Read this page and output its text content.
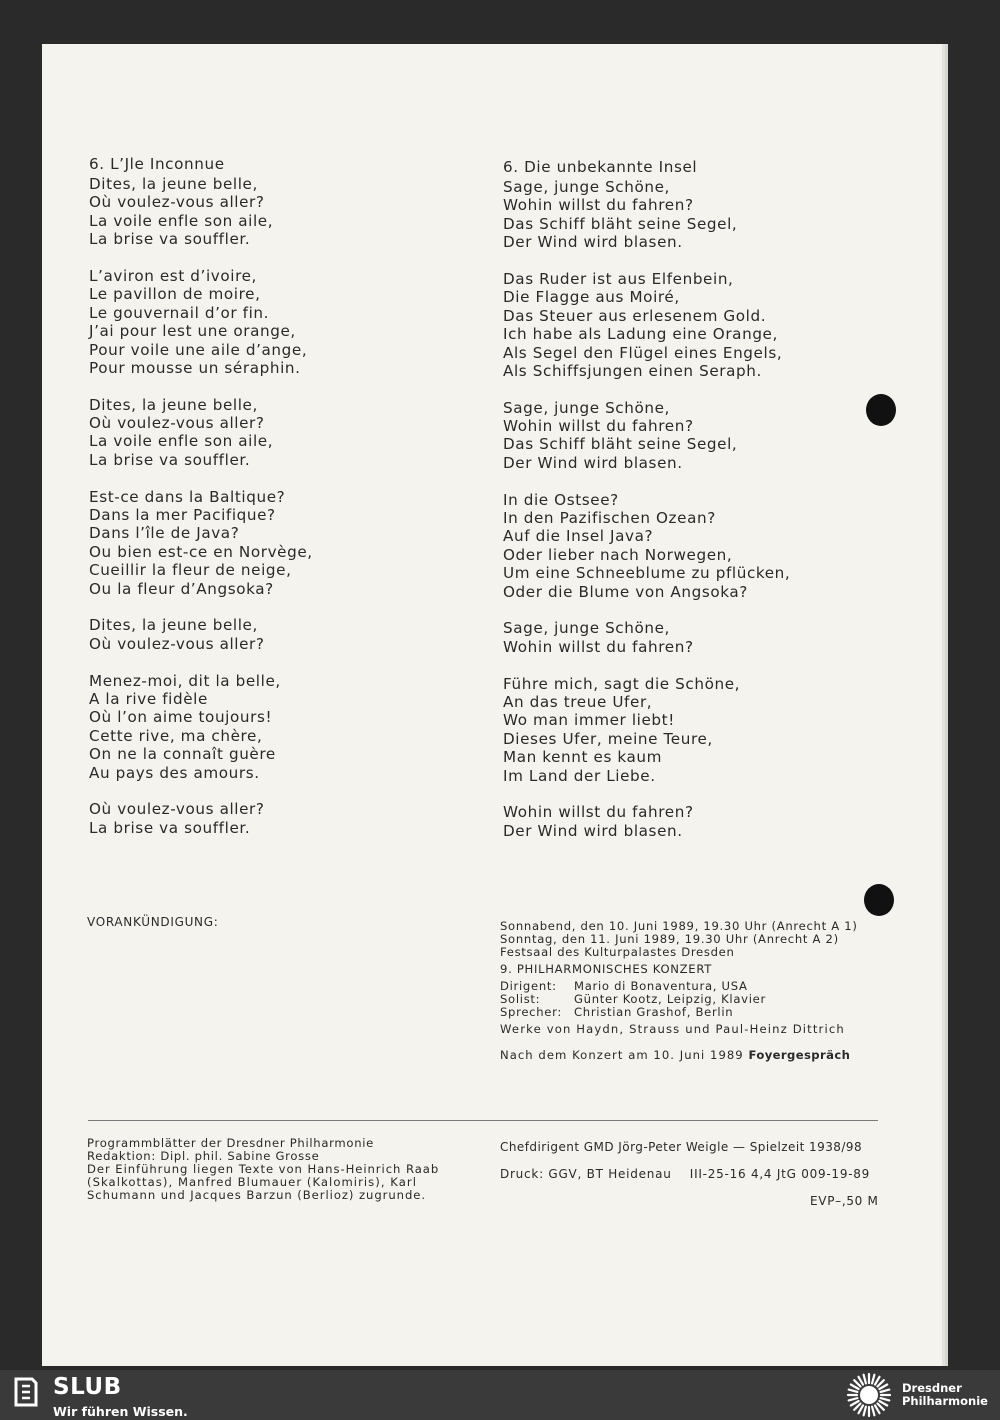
6. L’Jle Inconnue
Dites, la jeune belle,
Où voulez-vous aller?
La voile enfle son aile,
La brise va souffler.
L’aviron est d’ivoire,
Le pavillon de moire,
Le gouvernail d’or fin.
J’ai pour lest une orange,
Pour voile une aile d’ange,
Pour mousse un séraphin.
Dites, la jeune belle,
Où voulez-vous aller?
La voile enfle son aile,
La brise va souffler.
Est-ce dans la Baltique?
Dans la mer Pacifique?
Dans l’île de Java?
Ou bien est-ce en Norvège,
Cueillir la fleur de neige,
Ou la fleur d’Angsoka?
Dites, la jeune belle,
Où voulez-vous aller?
Menez-moi, dit la belle,
A la rive fidèle
Où l’on aime toujours!
Cette rive, ma chère,
On ne la connaît guère
Au pays des amours.
Où voulez-vous aller?
La brise va souffler.
6. Die unbekannte Insel
Sage, junge Schöne,
Wohin willst du fahren?
Das Schiff bläht seine Segel,
Der Wind wird blasen.
Das Ruder ist aus Elfenbein,
Die Flagge aus Moiré,
Das Steuer aus erlesenem Gold.
Ich habe als Ladung eine Orange,
Als Segel den Flügel eines Engels,
Als Schiffsjungen einen Seraph.
Sage, junge Schöne,
Wohin willst du fahren?
Das Schiff bläht seine Segel,
Der Wind wird blasen.
In die Ostsee?
In den Pazifischen Ozean?
Auf die Insel Java?
Oder lieber nach Norwegen,
Um eine Schneeblume zu pflücken,
Oder die Blume von Angsoka?
Sage, junge Schöne,
Wohin willst du fahren?
Führe mich, sagt die Schöne,
An das treue Ufer,
Wo man immer liebt!
Dieses Ufer, meine Teure,
Man kennt es kaum
Im Land der Liebe.
Wohin willst du fahren?
Der Wind wird blasen.
VORANKÜNDIGUNG:	Sonnabend, den 10. Juni 1989, 19.30 Uhr (Anrecht A 1)
Sonntag, den 11. Juni 1989, 19.30 Uhr (Anrecht A 2)
Festsaal des Kulturpalastes Dresden
9. PHILHARMONISCHES KONZERT
Dirigent: Mario di Bonaventura, USA
Solist:	Günter Kootz, Leipzig, Klavier
Sprecher: Christian Grashof, Berlin
Werke von Haydn, Strauss und Paul-Heinz Dittrich
Nach dem Konzert am 10. Juni 1989 Foyergespräch
Programmblätter der Dresdner Philharmonie
Redaktion: Dipl. phil. Sabine Grosse
Der Einführung liegen Texte von Hans-Heinrich Raab
(Skalkottas), Manfred Blumauer (Kalomiris), Karl
Schumann und Jacques Barzun (Berlioz) zugrunde.
Chefdirigent GMD Jörg-Peter Weigle — Spielzeit 1938/98
Druck: GGV, BT Heidenau    III-25-16 4,4 JtG 009-19-89
EVP–,50 M
SLUB
Wir führen Wissen.
Dresdner
Philharmonie
